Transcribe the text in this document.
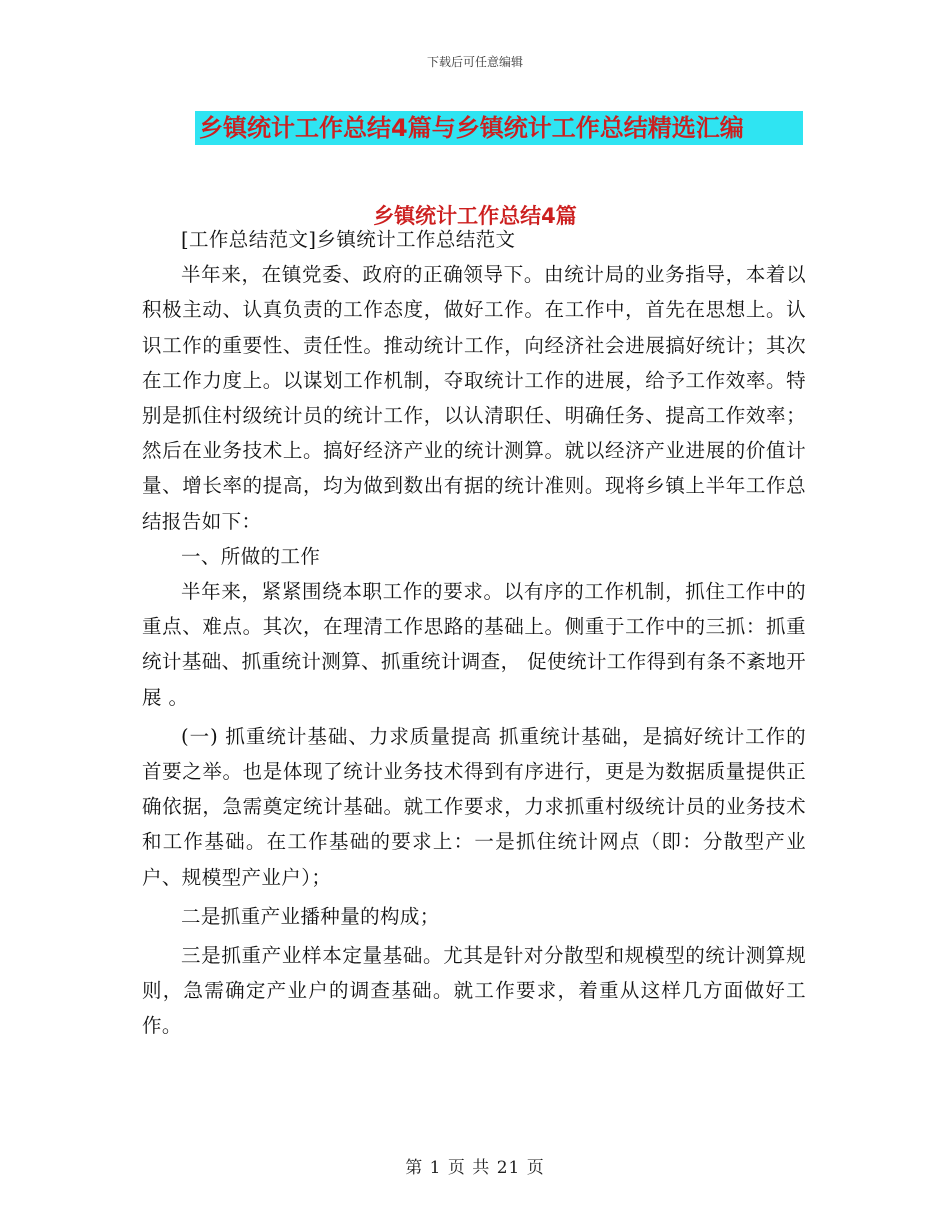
下载后可任意编辑
乡镇统计工作总结4篇与乡镇统计工作总结精选汇编
乡镇统计工作总结4篇

[工作总结范文]乡镇统计工作总结范文

半年来，在镇党委、政府的正确领导下。由统计局的业务指导，本着以积极主动、认真负责的工作态度，做好工作。在工作中，首先在思想上。认识工作的重要性、责任性。推动统计工作，向经济社会进展搞好统计；其次在工作力度上。以谋划工作机制，夺取统计工作的进展，给予工作效率。特别是抓住村级统计员的统计工作，以认清职任、明确任务、提高工作效率；然后在业务技术上。搞好经济产业的统计测算。就以经济产业进展的价值计量、增长率的提高，均为做到数出有据的统计准则。现将乡镇上半年工作总结报告如下：

一、所做的工作

半年来，紧紧围绕本职工作的要求。以有序的工作机制，抓住工作中的重点、难点。其次，在理清工作思路的基础上。侧重于工作中的三抓：抓重统计基础、抓重统计测算、抓重统计调查， 促使统计工作得到有条不紊地开展 。

(一) 抓重统计基础、力求质量提高 抓重统计基础，是搞好统计工作的首要之举。也是体现了统计业务技术得到有序进行，更是为数据质量提供正确依据，急需奠定统计基础。就工作要求，力求抓重村级统计员的业务技术和工作基础。在工作基础的要求上：一是抓住统计网点（即：分散型产业户、规模型产业户）；

二是抓重产业播种量的构成；

三是抓重产业样本定量基础。尤其是针对分散型和规模型的统计测算规则，急需确定产业户的调查基础。就工作要求，着重从这样几方面做好工作。

第 1 页 共 21 页
